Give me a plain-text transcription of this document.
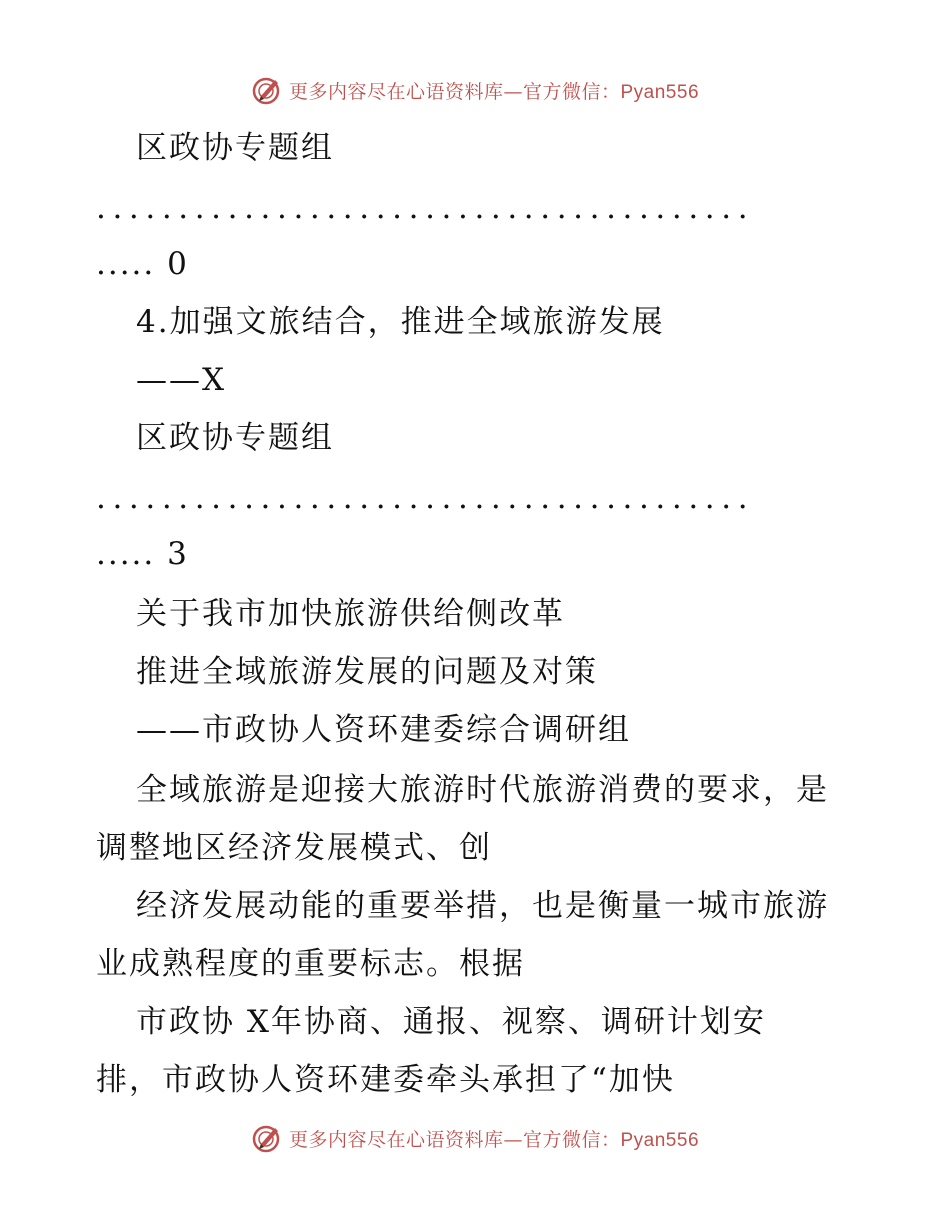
更多内容尽在心语资料库—官方微信：Pyan556
区政协专题组
........................................
..... 0
4.加强文旅结合，推进全域旅游发展
——X
区政协专题组
........................................
..... 3
关于我市加快旅游供给侧改革
推进全域旅游发展的问题及对策
——市政协人资环建委综合调研组
全域旅游是迎接大旅游时代旅游消费的要求，是
调整地区经济发展模式、创
经济发展动能的重要举措，也是衡量一城市旅游
业成熟程度的重要标志。根据
市政协 X年协商、通报、视察、调研计划安
排，市政协人资环建委牵头承担了“加快
更多内容尽在心语资料库—官方微信：Pyan556
